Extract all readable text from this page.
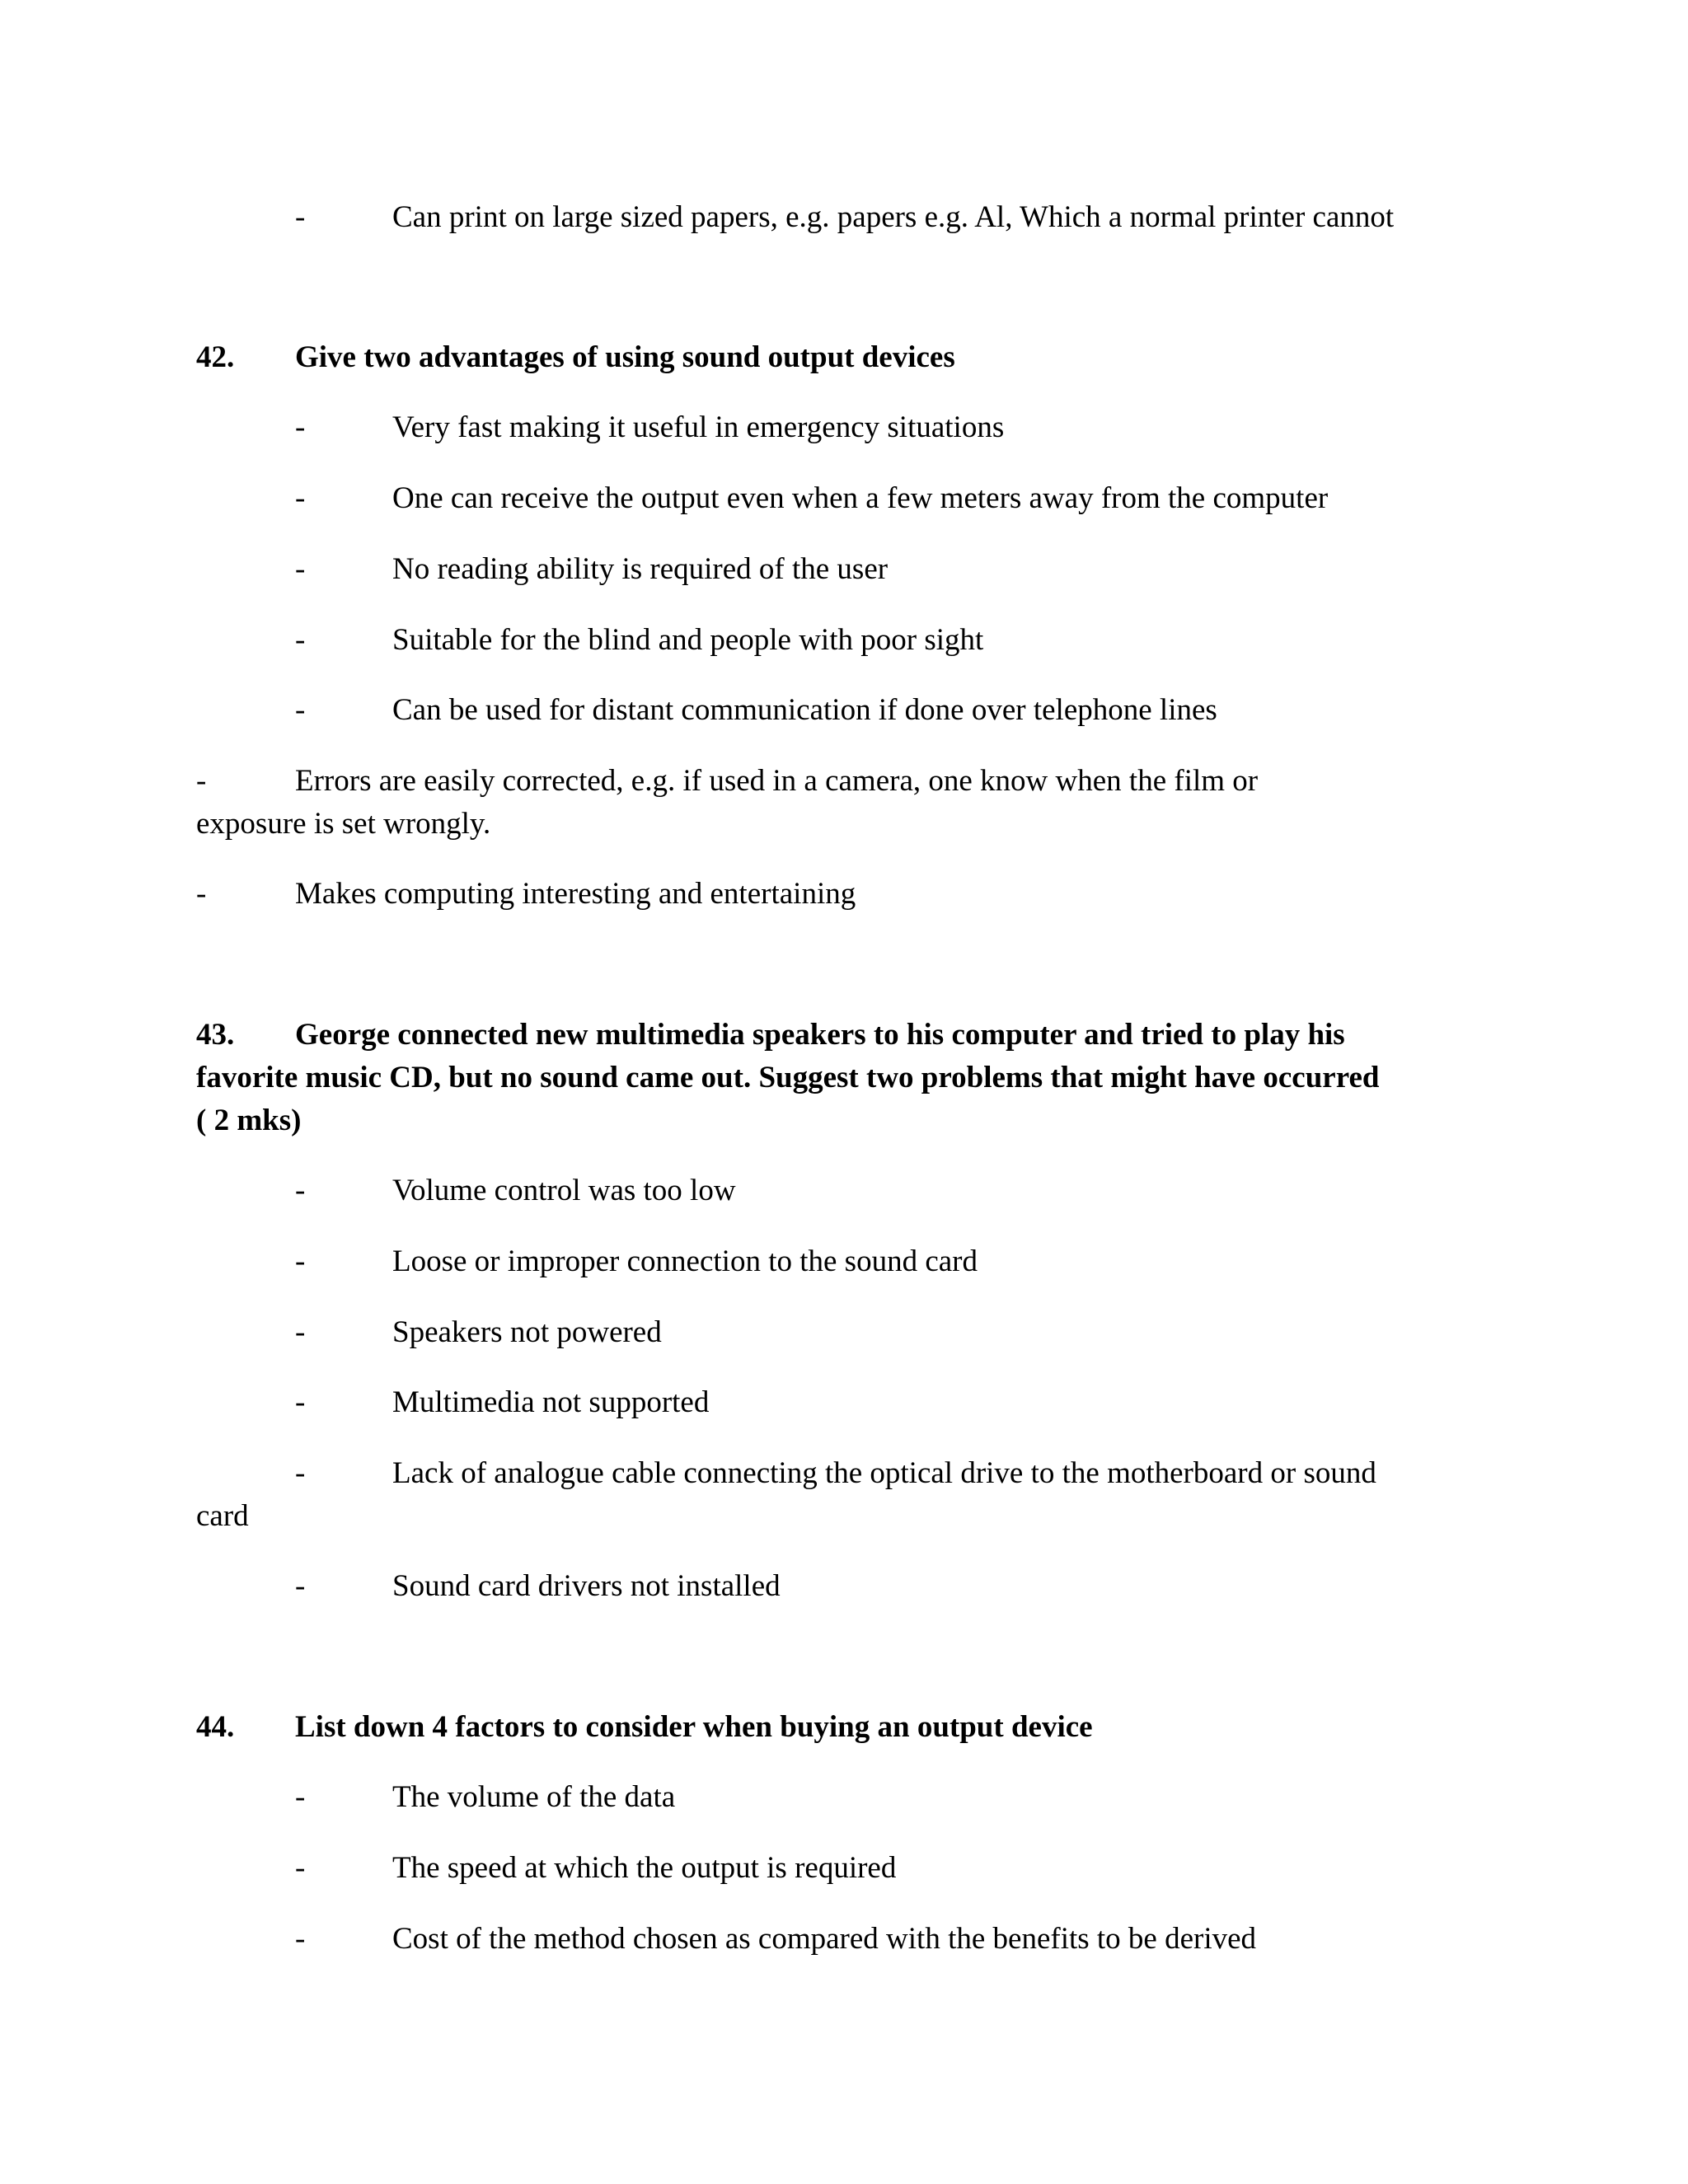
-	Can print on large sized papers, e.g. papers e.g. Al, Which a normal printer cannot
42. Give two advantages of using sound output devices
-	Very fast making it useful in emergency situations
-	One can receive the output even when a few meters away from the computer
-	No reading ability is required of the user
-	Suitable for the blind and people with poor sight
-	Can be used for distant communication if done over telephone lines
-	Errors are easily corrected, e.g. if used in a camera, one know when the film or
exposure is set wrongly.
-	Makes computing interesting and entertaining
43. George connected new multimedia speakers to his computer and tried to play his
favorite music CD, but no sound came out. Suggest two problems that might have occurred
( 2 mks)
-	Volume control was too low
-	Loose or improper connection to the sound card
-	Speakers not powered
-	Multimedia not supported
-	Lack of analogue cable connecting the optical drive to the motherboard or sound
card
-	Sound card drivers not installed
44. List down 4 factors to consider when buying an output device
-	The volume of the data
-	The speed at which the output is required
-	Cost of the method chosen as compared with the benefits to be derived
